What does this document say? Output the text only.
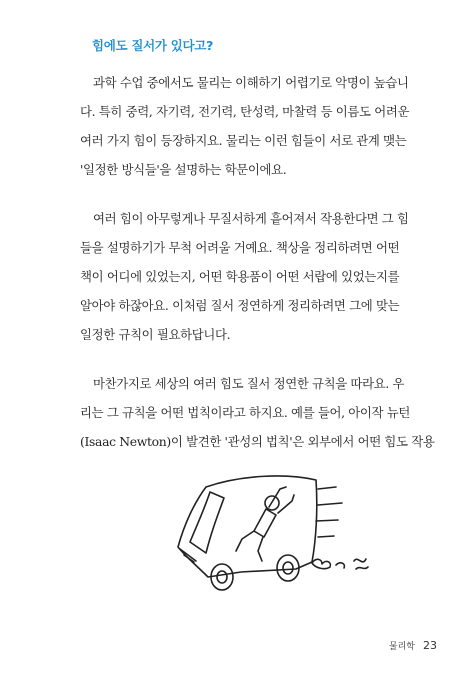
힘에도 질서가 있다고?
과학 수업 중에서도 물리는 이해하기 어렵기로 악명이 높습니
다. 특히 중력, 자기력, 전기력, 탄성력, 마찰력 등 이름도 어려운
여러 가지 힘이 등장하지요. 물리는 이런 힘들이 서로 관계 맺는
'일정한 방식들'을 설명하는 학문이에요.
여러 힘이 아무렇게나 무질서하게 흩어져서 작용한다면 그 힘
들을 설명하기가 무척 어려울 거예요. 책상을 정리하려면 어떤
책이 어디에 있었는지, 어떤 학용품이 어떤 서랍에 있었는지를
알아야 하잖아요. 이처럼 질서 정연하게 정리하려면 그에 맞는
일정한 규칙이 필요하답니다.
마찬가지로 세상의 여러 힘도 질서 정연한 규칙을 따라요. 우
리는 그 규칙을 어떤 법칙이라고 하지요. 예를 들어, 아이작 뉴턴
(Isaac Newton)이 발견한 '관성의 법칙'은 외부에서 어떤 힘도 작용
물리학 23
